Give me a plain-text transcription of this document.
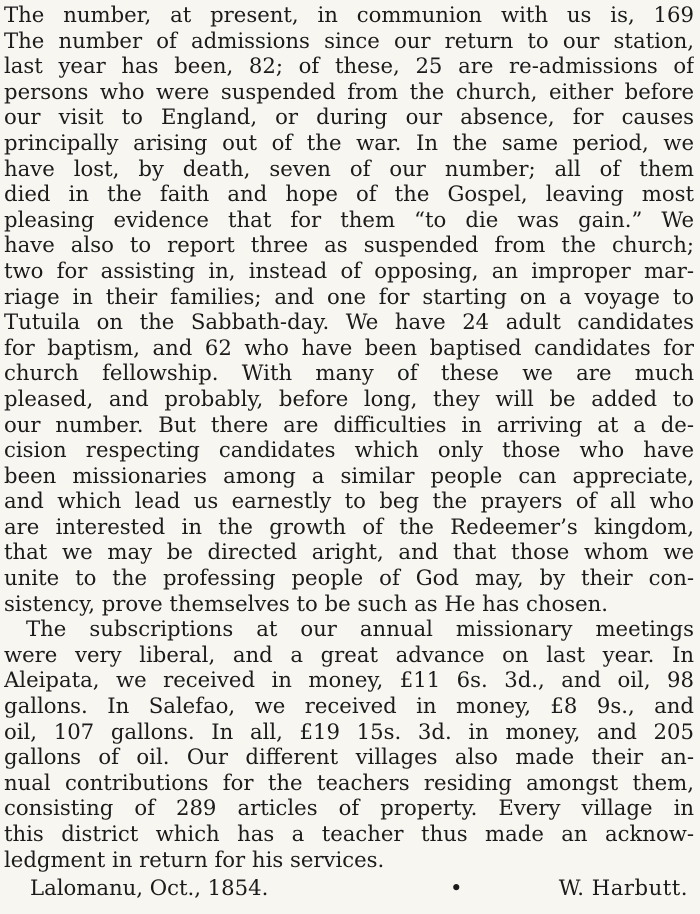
The number, at present, in communion with us is, 169
The number of admissions since our return to our station,
last year has been, 82; of these, 25 are re-admissions of
persons who were suspended from the church, either before
our visit to England, or during our absence, for causes
principally arising out of the war. In the same period, we
have lost, by death, seven of our number; all of them
died in the faith and hope of the Gospel, leaving most
pleasing evidence that for them “to die was gain.” We
have also to report three as suspended from the church;
two for assisting in, instead of opposing, an improper mar-
riage in their families; and one for starting on a voyage to
Tutuila on the Sabbath-day. We have 24 adult candidates
for baptism, and 62 who have been baptised candidates for
church fellowship. With many of these we are much
pleased, and probably, before long, they will be added to
our number. But there are difficulties in arriving at a de-
cision respecting candidates which only those who have
been missionaries among a similar people can appreciate,
and which lead us earnestly to beg the prayers of all who
are interested in the growth of the Redeemer’s kingdom,
that we may be directed aright, and that those whom we
unite to the professing people of God may, by their con-
sistency, prove themselves to be such as He has chosen.
The subscriptions at our annual missionary meetings
were very liberal, and a great advance on last year. In
Aleipata, we received in money, £11 6s. 3d., and oil, 98
gallons. In Salefao, we received in money, £8 9s., and
oil, 107 gallons. In all, £19 15s. 3d. in money, and 205
gallons of oil. Our different villages also made their an-
nual contributions for the teachers residing amongst them,
consisting of 289 articles of property. Every village in
this district which has a teacher thus made an acknow-
ledgment in return for his services.
Lalomanu, Oct., 1854.	•	W. Harbutt.
